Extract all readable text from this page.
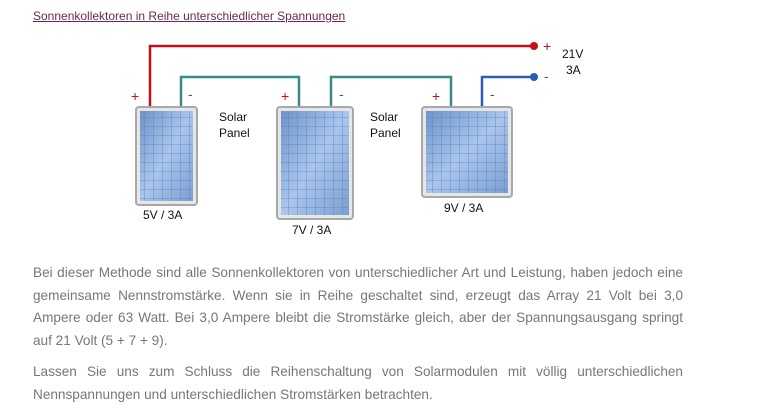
Sonnenkollektoren in Reihe unterschiedlicher Spannungen
+	-	+	-	+	-
+
-
21V
3A
Solar
Panel
Solar
Panel
5V / 3A
7V / 3A
9V / 3A

Bei dieser Methode sind alle Sonnenkollektoren von unterschiedlicher Art und Leistung, haben jedoch eine gemeinsame Nennstromstärke. Wenn sie in Reihe geschaltet sind, erzeugt das Array 21 Volt bei 3,0 Ampere oder 63 Watt. Bei 3,0 Ampere bleibt die Stromstärke gleich, aber der Spannungsausgang springt auf 21 Volt (5 + 7 + 9).

Lassen Sie uns zum Schluss die Reihenschaltung von Solarmodulen mit völlig unterschiedlichen Nennspannungen und unterschiedlichen Stromstärken betrachten.
